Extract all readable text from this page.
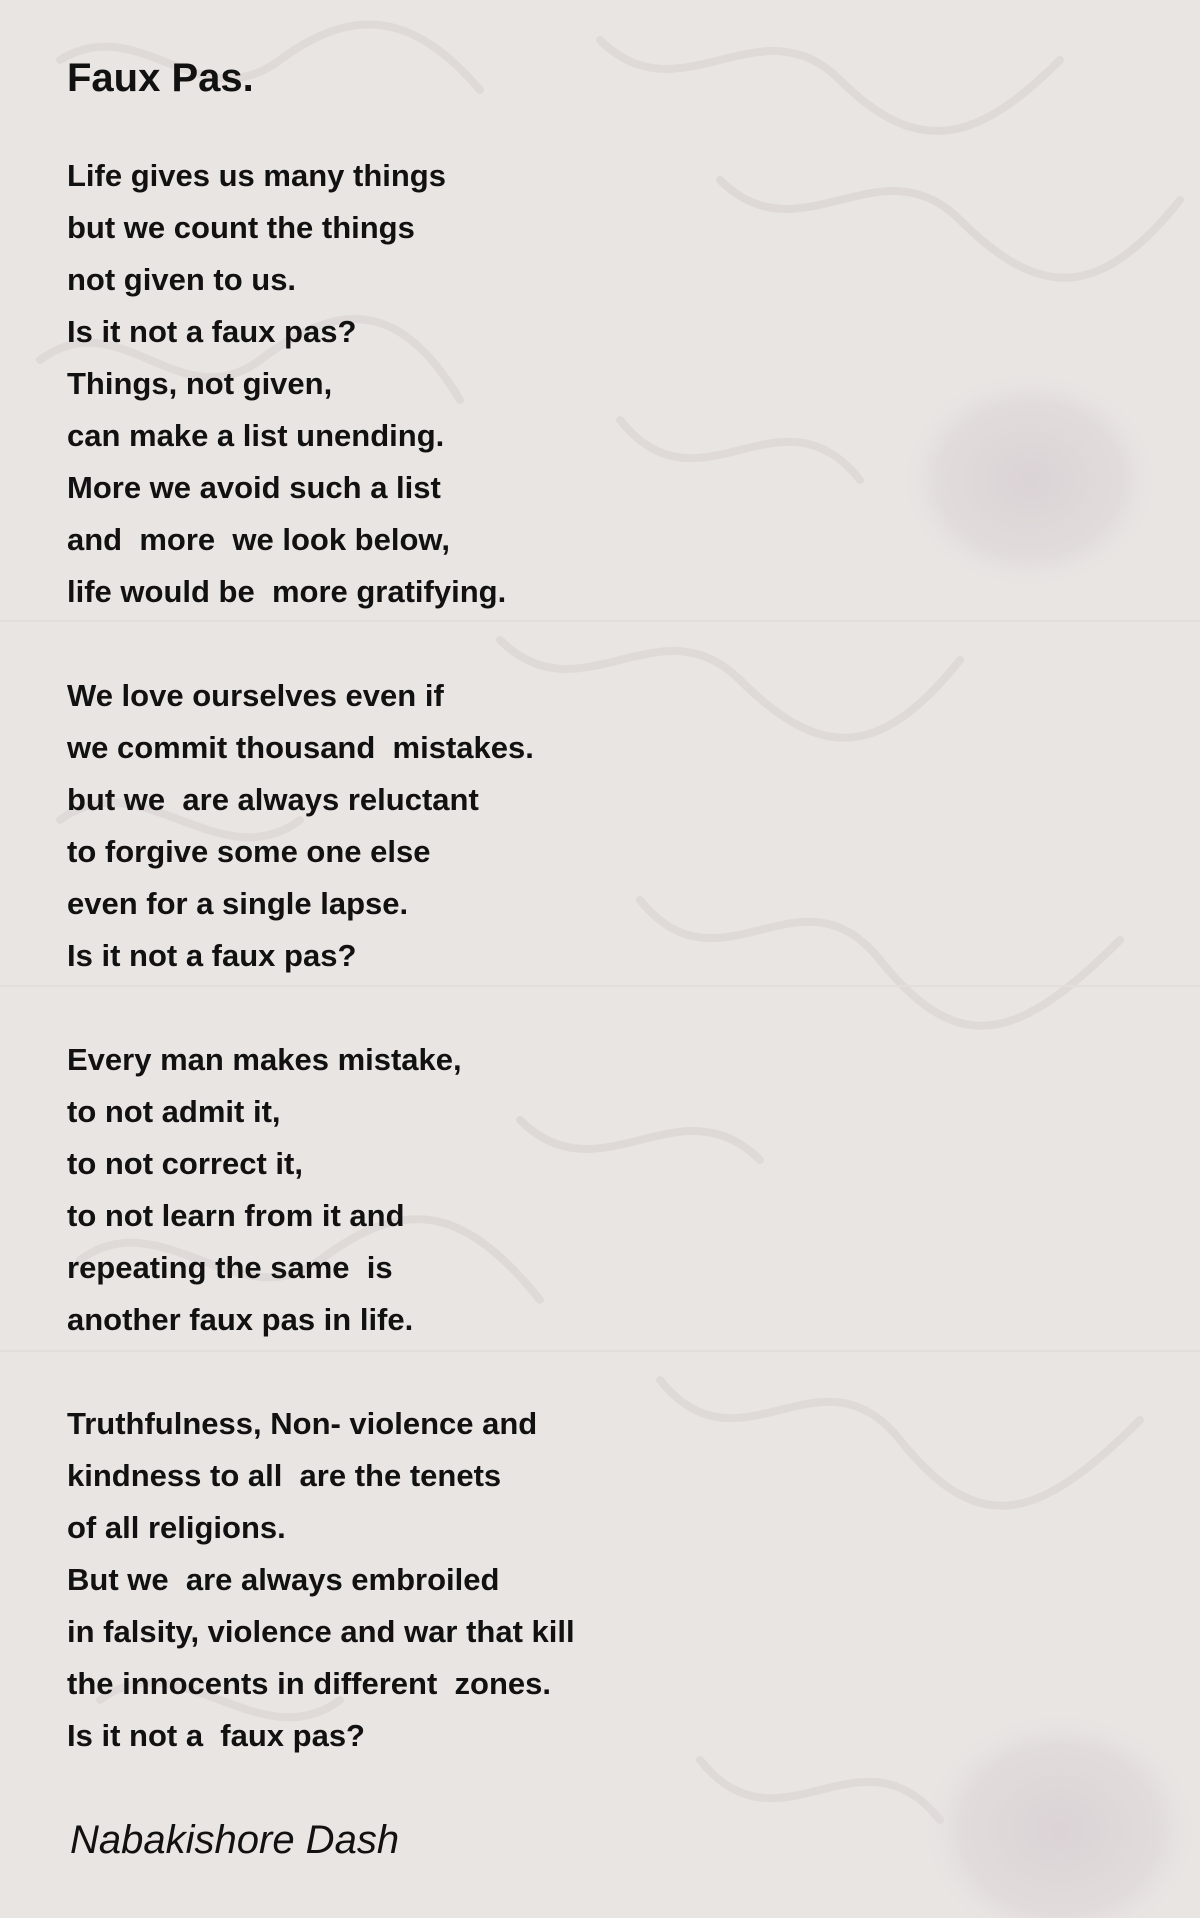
Faux Pas.
Life gives us many things
but we count the things
not given to us.
Is it not a faux pas?
Things, not given,
can make a list unending.
More we avoid such a list
and  more  we look below,
life would be  more gratifying.
We love ourselves even if
we commit thousand  mistakes.
but we  are always reluctant
to forgive some one else
even for a single lapse.
Is it not a faux pas?
Every man makes mistake,
to not admit it,
to not correct it,
to not learn from it and
repeating the same  is
another faux pas in life.
Truthfulness, Non- violence and
kindness to all  are the tenets
of all religions.
But we  are always embroiled
in falsity, violence and war that kill
the innocents in different  zones.
Is it not a  faux pas?
Nabakishore Dash
